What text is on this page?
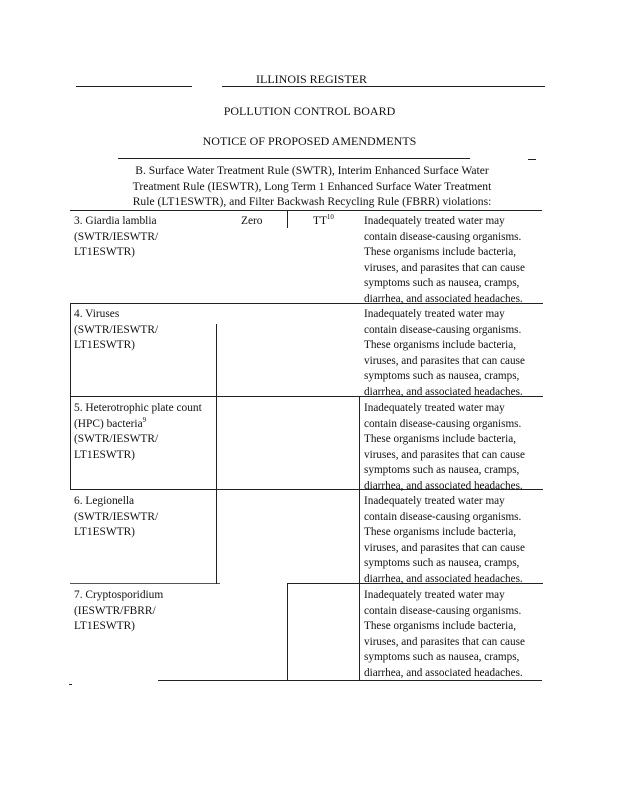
ILLINOIS REGISTER
POLLUTION CONTROL BOARD
NOTICE OF PROPOSED AMENDMENTS
B. Surface Water Treatment Rule (SWTR), Interim Enhanced Surface Water
Treatment Rule (IESWTR), Long Term 1 Enhanced Surface Water Treatment
Rule (LT1ESWTR), and Filter Backwash Recycling Rule (FBRR) violations:
3. Giardia lamblia
(SWTR/IESWTR/
LT1ESWTR)
Zero	TT$^{10}$	Inadequately treated water may
contain disease-causing organisms.
These organisms include bacteria,
viruses, and parasites that can cause
symptoms such as nausea, cramps,
diarrhea, and associated headaches.
4. Viruses
(SWTR/IESWTR/
LT1ESWTR)
Inadequately treated water may
contain disease-causing organisms.
These organisms include bacteria,
viruses, and parasites that can cause
symptoms such as nausea, cramps,
diarrhea, and associated headaches.
5. Heterotrophic plate count
(HPC) bacteria$^9$
(SWTR/IESWTR/
LT1ESWTR)
Inadequately treated water may
contain disease-causing organisms.
These organisms include bacteria,
viruses, and parasites that can cause
symptoms such as nausea, cramps,
diarrhea, and associated headaches.
6. Legionella
(SWTR/IESWTR/
LT1ESWTR)
Inadequately treated water may
contain disease-causing organisms.
These organisms include bacteria,
viruses, and parasites that can cause
symptoms such as nausea, cramps,
diarrhea, and associated headaches.
7. Cryptosporidium
(IESWTR/FBRR/
LT1ESWTR)
Inadequately treated water may
contain disease-causing organisms.
These organisms include bacteria,
viruses, and parasites that can cause
symptoms such as nausea, cramps,
diarrhea, and associated headaches.
